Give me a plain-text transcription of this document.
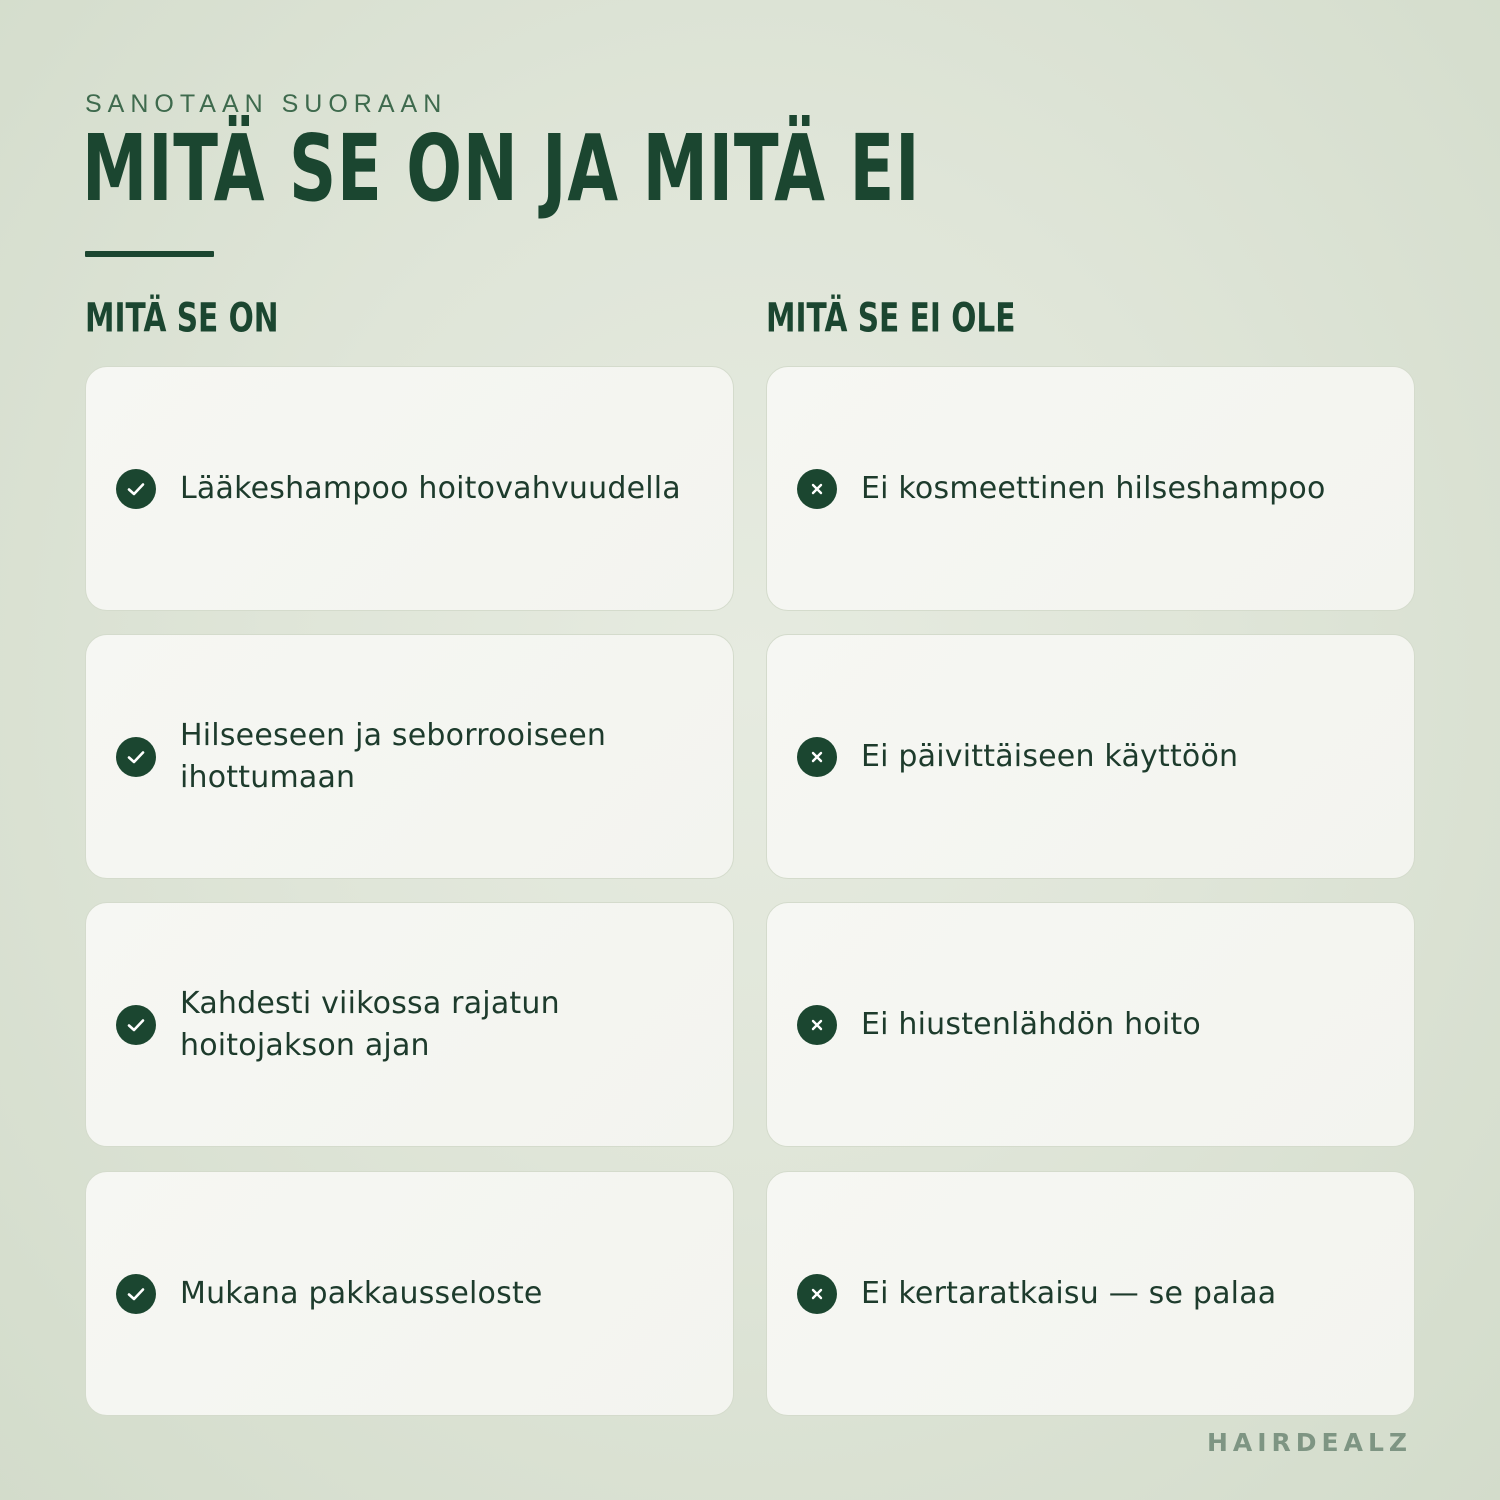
SANOTAAN SUORAAN
MITÄ SE ON JA MITÄ EI
MITÄ SE ON	MITÄ SE EI OLE
Lääkeshampoo hoitovahvuudella
Hilseeseen ja seborrooiseen ihottumaan
Kahdesti viikossa rajatun hoitojakson ajan
Mukana pakkausseloste
Ei kosmeettinen hilseshampoo
Ei päivittäiseen käyttöön
Ei hiustenlähdön hoito
Ei kertaratkaisu — se palaa
HAIRDEALZ
